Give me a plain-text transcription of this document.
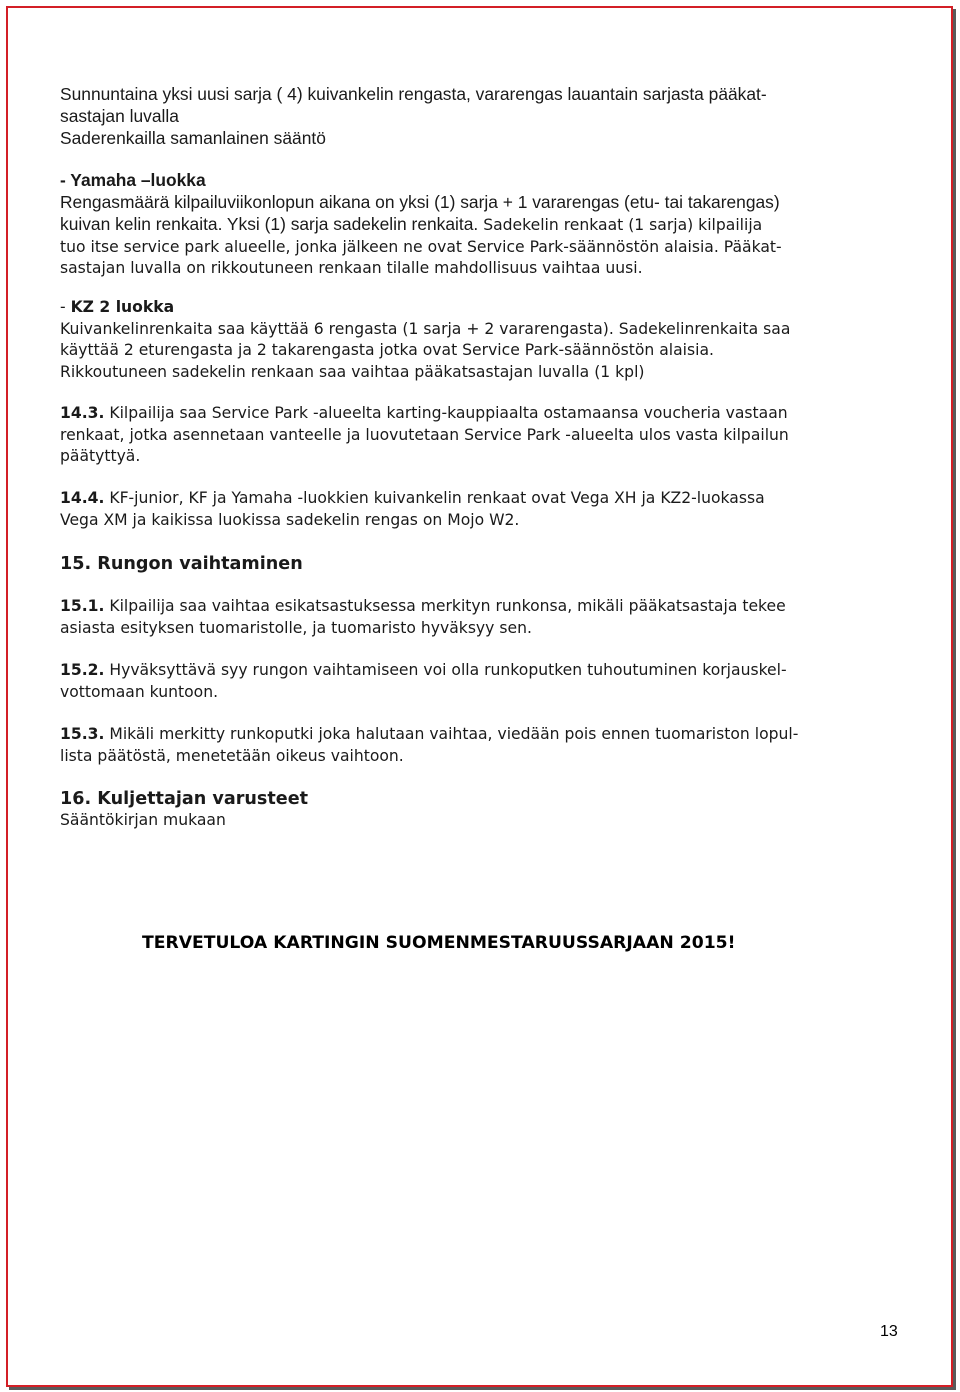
Sunnuntaina yksi uusi sarja ( 4) kuivankelin rengasta, vararengas lauantain sarjasta pääkat-
sastajan luvalla
Saderenkailla samanlainen sääntö
- Yamaha –luokka
Rengasmäärä kilpailuviikonlopun aikana on yksi (1) sarja + 1 vararengas (etu- tai takarengas)
kuivan kelin renkaita. Yksi (1) sarja sadekelin renkaita. Sadekelin renkaat (1 sarja) kilpailija
tuo itse service park alueelle, jonka jälkeen ne ovat Service Park-säännöstön alaisia. Pääkat-
sastajan luvalla on rikkoutuneen renkaan tilalle mahdollisuus vaihtaa uusi.
- KZ 2 luokka
Kuivankelinrenkaita saa käyttää 6 rengasta (1 sarja + 2 vararengasta). Sadekelinrenkaita saa
käyttää 2 eturengasta ja 2 takarengasta jotka ovat Service Park-säännöstön alaisia.
Rikkoutuneen sadekelin renkaan saa vaihtaa pääkatsastajan luvalla (1 kpl)
14.3. Kilpailija saa Service Park -alueelta karting-kauppiaalta ostamaansa voucheria vastaan
renkaat, jotka asennetaan vanteelle ja luovutetaan Service Park -alueelta ulos vasta kilpailun
päätyttyä.
14.4. KF-junior, KF ja Yamaha -luokkien kuivankelin renkaat ovat Vega XH ja KZ2-luokassa
Vega XM ja kaikissa luokissa sadekelin rengas on Mojo W2.
15. Rungon vaihtaminen
15.1. Kilpailija saa vaihtaa esikatsastuksessa merkityn runkonsa, mikäli pääkatsastaja tekee
asiasta esityksen tuomaristolle, ja tuomaristo hyväksyy sen.
15.2. Hyväksyttävä syy rungon vaihtamiseen voi olla runkoputken tuhoutuminen korjauskel-
vottomaan kuntoon.
15.3. Mikäli merkitty runkoputki joka halutaan vaihtaa, viedään pois ennen tuomariston lopul-
lista päätöstä, menetetään oikeus vaihtoon.
16. Kuljettajan varusteet
Sääntökirjan mukaan
TERVETULOA KARTINGIN SUOMENMESTARUUSSARJAAN 2015!
13
